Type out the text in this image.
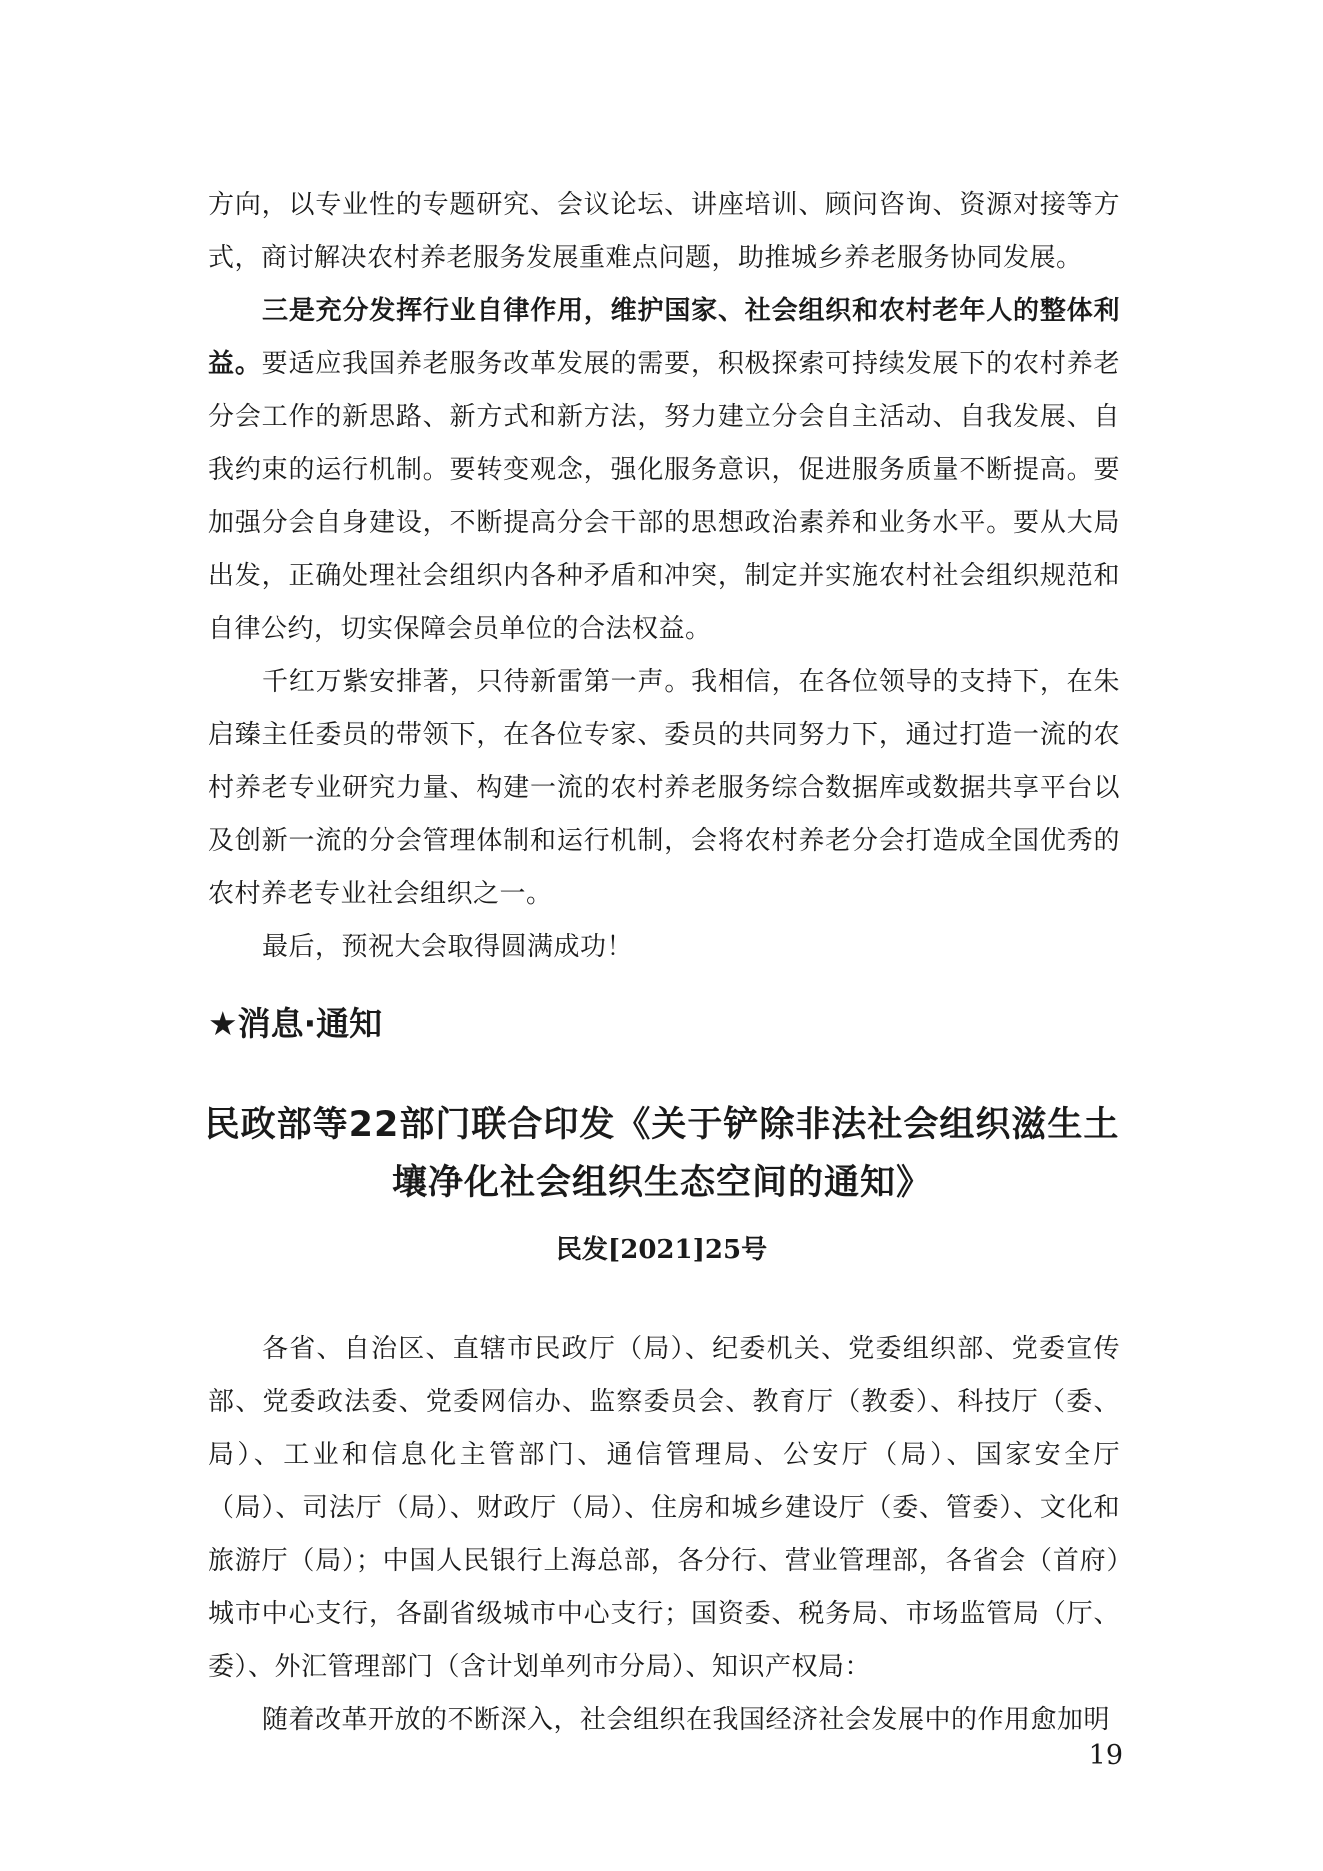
方向，以专业性的专题研究、会议论坛、讲座培训、顾问咨询、资源对接等方式，商讨解决农村养老服务发展重难点问题，助推城乡养老服务协同发展。

三是充分发挥行业自律作用，维护国家、社会组织和农村老年人的整体利益。要适应我国养老服务改革发展的需要，积极探索可持续发展下的农村养老分会工作的新思路、新方式和新方法，努力建立分会自主活动、自我发展、自我约束的运行机制。要转变观念，强化服务意识，促进服务质量不断提高。要加强分会自身建设，不断提高分会干部的思想政治素养和业务水平。要从大局出发，正确处理社会组织内各种矛盾和冲突，制定并实施农村社会组织规范和自律公约，切实保障会员单位的合法权益。

千红万紫安排著，只待新雷第一声。我相信，在各位领导的支持下，在朱启臻主任委员的带领下，在各位专家、委员的共同努力下，通过打造一流的农村养老专业研究力量、构建一流的农村养老服务综合数据库或数据共享平台以及创新一流的分会管理体制和运行机制，会将农村养老分会打造成全国优秀的农村养老专业社会组织之一。

最后，预祝大会取得圆满成功！

★消息·通知
民政部等22部门联合印发《关于铲除非法社会组织滋生土壤净化社会组织生态空间的通知》

民发[2021]25号

各省、自治区、直辖市民政厅（局）、纪委机关、党委组织部、党委宣传部、党委政法委、党委网信办、监察委员会、教育厅（教委）、科技厅（委、局）、工业和信息化主管部门、通信管理局、公安厅（局）、国家安全厅（局）、司法厅（局）、财政厅（局）、住房和城乡建设厅（委、管委）、文化和旅游厅（局）；中国人民银行上海总部，各分行、营业管理部，各省会（首府）城市中心支行，各副省级城市中心支行；国资委、税务局、市场监管局（厅、委）、外汇管理部门（含计划单列市分局）、知识产权局：

随着改革开放的不断深入，社会组织在我国经济社会发展中的作用愈加明

19
